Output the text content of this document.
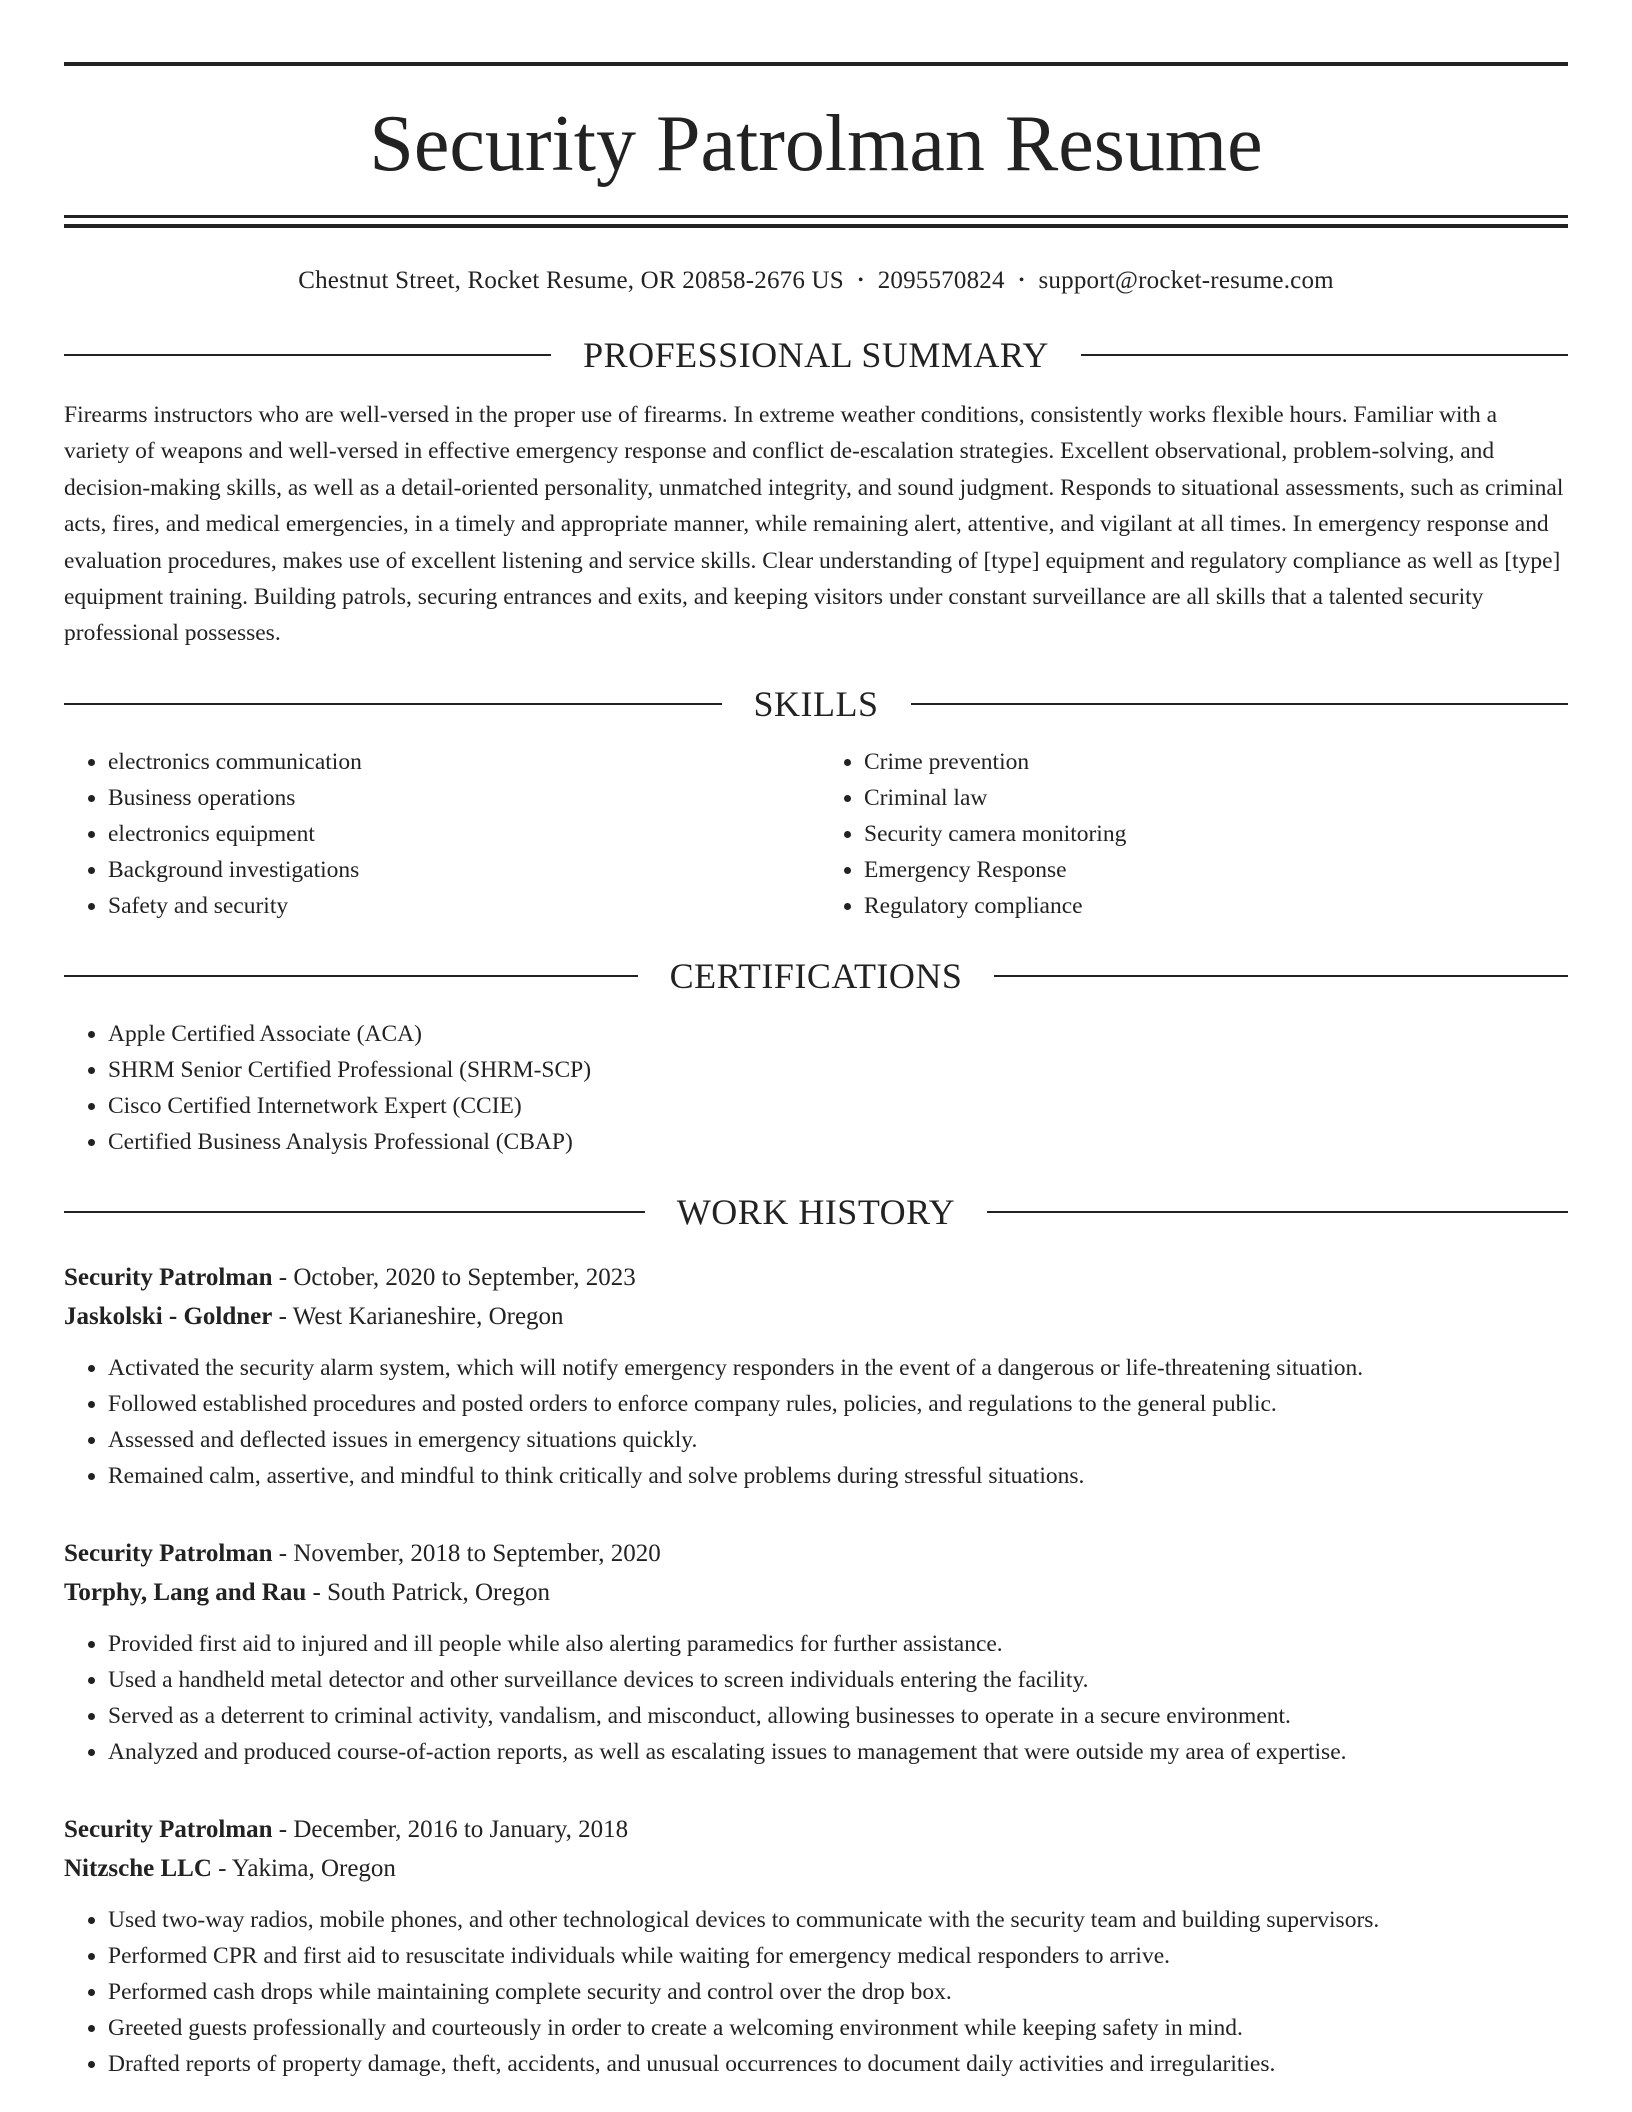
Security Patrolman Resume
Chestnut Street, Rocket Resume, OR 20858-2676 US • 2095570824 • support@rocket-resume.com
PROFESSIONAL SUMMARY
Firearms instructors who are well-versed in the proper use of firearms. In extreme weather conditions, consistently works flexible hours. Familiar with a variety of weapons and well-versed in effective emergency response and conflict de-escalation strategies. Excellent observational, problem-solving, and decision-making skills, as well as a detail-oriented personality, unmatched integrity, and sound judgment. Responds to situational assessments, such as criminal acts, fires, and medical emergencies, in a timely and appropriate manner, while remaining alert, attentive, and vigilant at all times. In emergency response and evaluation procedures, makes use of excellent listening and service skills. Clear understanding of [type] equipment and regulatory compliance as well as [type] equipment training. Building patrols, securing entrances and exits, and keeping visitors under constant surveillance are all skills that a talented security professional possesses.
SKILLS
• electronics communication
• Business operations
• electronics equipment
• Background investigations
• Safety and security
• Crime prevention
• Criminal law
• Security camera monitoring
• Emergency Response
• Regulatory compliance
CERTIFICATIONS
• Apple Certified Associate (ACA)
• SHRM Senior Certified Professional (SHRM-SCP)
• Cisco Certified Internetwork Expert (CCIE)
• Certified Business Analysis Professional (CBAP)
WORK HISTORY
Security Patrolman - October, 2020 to September, 2023
Jaskolski - Goldner - West Karianeshire, Oregon
• Activated the security alarm system, which will notify emergency responders in the event of a dangerous or life-threatening situation.
• Followed established procedures and posted orders to enforce company rules, policies, and regulations to the general public.
• Assessed and deflected issues in emergency situations quickly.
• Remained calm, assertive, and mindful to think critically and solve problems during stressful situations.
Security Patrolman - November, 2018 to September, 2020
Torphy, Lang and Rau - South Patrick, Oregon
• Provided first aid to injured and ill people while also alerting paramedics for further assistance.
• Used a handheld metal detector and other surveillance devices to screen individuals entering the facility.
• Served as a deterrent to criminal activity, vandalism, and misconduct, allowing businesses to operate in a secure environment.
• Analyzed and produced course-of-action reports, as well as escalating issues to management that were outside my area of expertise.
Security Patrolman - December, 2016 to January, 2018
Nitzsche LLC - Yakima, Oregon
• Used two-way radios, mobile phones, and other technological devices to communicate with the security team and building supervisors.
• Performed CPR and first aid to resuscitate individuals while waiting for emergency medical responders to arrive.
• Performed cash drops while maintaining complete security and control over the drop box.
• Greeted guests professionally and courteously in order to create a welcoming environment while keeping safety in mind.
• Drafted reports of property damage, theft, accidents, and unusual occurrences to document daily activities and irregularities.
